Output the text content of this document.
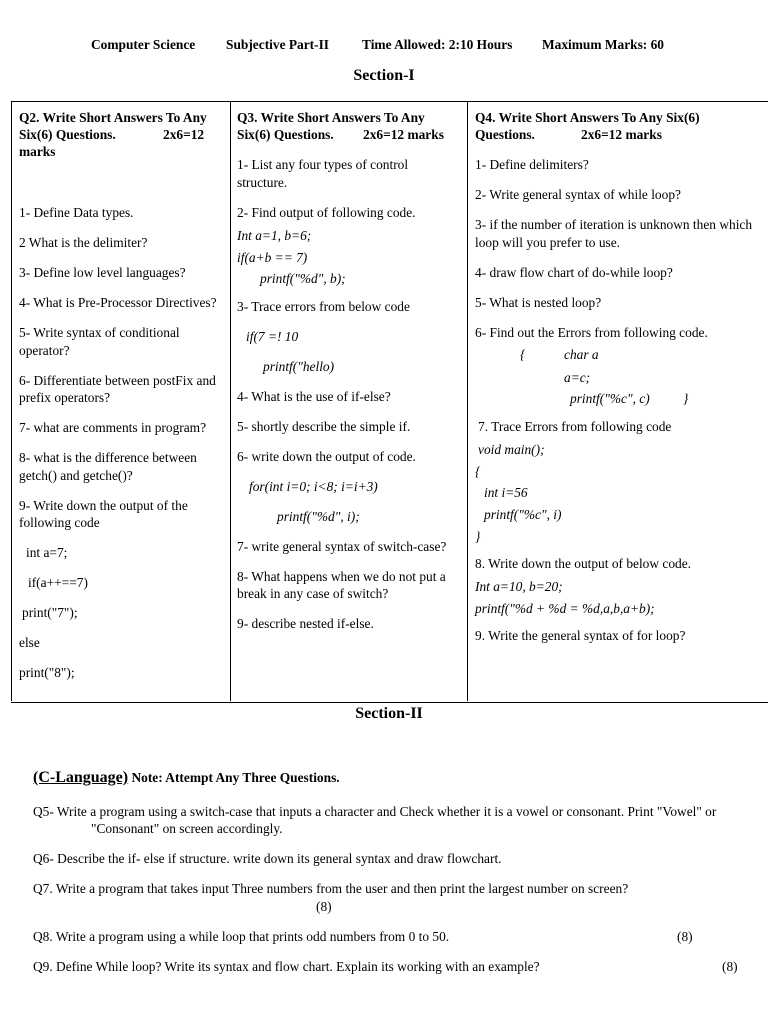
Computer Science Subjective Part-II Time Allowed: 2:10 Hours Maximum Marks: 60
Section-I
Q2. Write Short Answers To Any
Six(6) Questions.	2x6=12
marks
1- Define Data types.
2 What is the delimiter?
3- Define low level languages?
4- What is Pre-Processor Directives?
5- Write syntax of conditional
operator?
6- Differentiate between postFix and
prefix operators?
7- what are comments in program?
8- what is the difference between
getch() and getche()?
9- Write down the output of the
following code
int a=7;
if(a++==7)
print("7");
else
print("8");
Q3. Write Short Answers To Any
Six(6) Questions. 2x6=12 marks
1- List any four types of control
structure.
2- Find output of following code.
Int a=1, b=6;
if(a+b == 7)
printf("%d", b);
3- Trace errors from below code
if(7 =! 10
printf("hello)
4- What is the use of if-else?
5- shortly describe the simple if.
6- write down the output of code.
for(int i=0; i<8; i=i+3)
printf("%d", i);
7- write general syntax of switch-case?
8- What happens when we do not put a
break in any case of switch?
9- describe nested if-else.
Q4. Write Short Answers To Any Six(6)
Questions.	2x6=12 marks
1- Define delimiters?
2- Write general syntax of while loop?
3- if the number of iteration is unknown then which
loop will you prefer to use.
4- draw flow chart of do-while loop?
5- What is nested loop?
6- Find out the Errors from following code.
{	char a
a=c;
printf("%c", c) }
7. Trace Errors from following code
void main();
{
int i=56
printf("%c", i)
}
8. Write down the output of below code.
Int a=10, b=20;
printf("%d + %d = %d,a,b,a+b);
9. Write the general syntax of for loop?
Section-II
(C-Language) Note: Attempt Any Three Questions.
Q5- Write a program using a switch-case that inputs a character and Check whether it is a vowel or consonant. Print "Vowel" or
"Consonant" on screen accordingly.
Q6- Describe the if- else if structure. write down its general syntax and draw flowchart.
Q7. Write a program that takes input Three numbers from the user and then print the largest number on screen?
(8)
Q8. Write a program using a while loop that prints odd numbers from 0 to 50.	(8)
Q9. Define While loop? Write its syntax and flow chart. Explain its working with an example?	(8)
